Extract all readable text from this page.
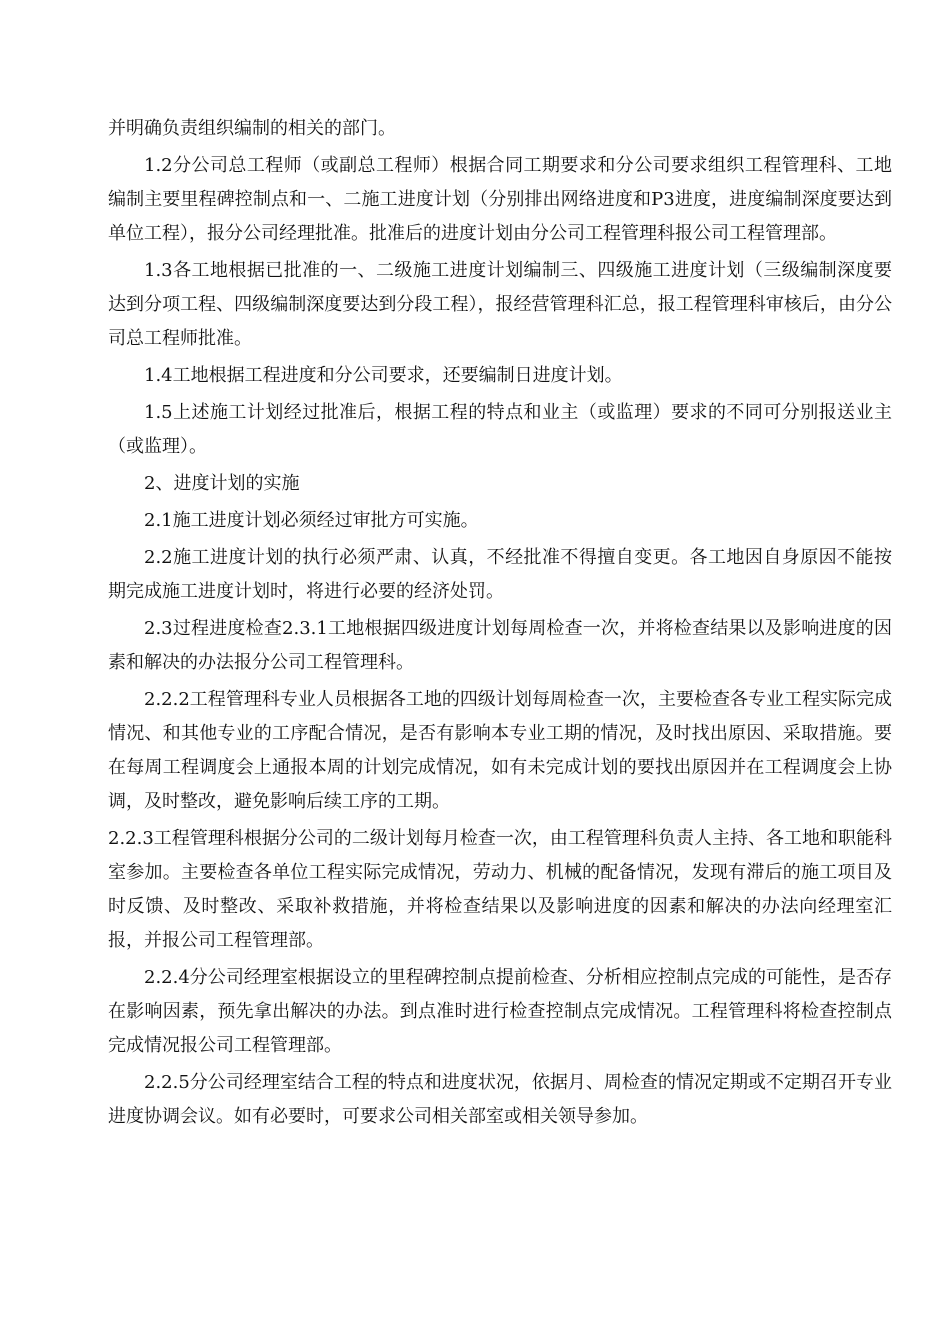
并明确负责组织编制的相关的部门。

1.2分公司总工程师（或副总工程师）根据合同工期要求和分公司要求组织工程管理科、工地编制主要里程碑控制点和一、二施工进度计划（分别排出网络进度和P3进度，进度编制深度要达到单位工程），报分公司经理批准。批准后的进度计划由分公司工程管理科报公司工程管理部。

1.3各工地根据已批准的一、二级施工进度计划编制三、四级施工进度计划（三级编制深度要达到分项工程、四级编制深度要达到分段工程），报经营管理科汇总，报工程管理科审核后，由分公司总工程师批准。

1.4工地根据工程进度和分公司要求，还要编制日进度计划。

1.5上述施工计划经过批准后，根据工程的特点和业主（或监理）要求的不同可分别报送业主（或监理）。

2、进度计划的实施

2.1施工进度计划必须经过审批方可实施。

2.2施工进度计划的执行必须严肃、认真，不经批准不得擅自变更。各工地因自身原因不能按期完成施工进度计划时，将进行必要的经济处罚。

2.3过程进度检查2.3.1工地根据四级进度计划每周检查一次，并将检查结果以及影响进度的因素和解决的办法报分公司工程管理科。

2.2.2工程管理科专业人员根据各工地的四级计划每周检查一次，主要检查各专业工程实际完成情况、和其他专业的工序配合情况，是否有影响本专业工期的情况，及时找出原因、采取措施。要在每周工程调度会上通报本周的计划完成情况，如有未完成计划的要找出原因并在工程调度会上协调，及时整改，避免影响后续工序的工期。

2.2.3工程管理科根据分公司的二级计划每月检查一次，由工程管理科负责人主持、各工地和职能科室参加。主要检查各单位工程实际完成情况，劳动力、机械的配备情况，发现有滞后的施工项目及时反馈、及时整改、采取补救措施，并将检查结果以及影响进度的因素和解决的办法向经理室汇报，并报公司工程管理部。

2.2.4分公司经理室根据设立的里程碑控制点提前检查、分析相应控制点完成的可能性，是否存在影响因素，预先拿出解决的办法。到点准时进行检查控制点完成情况。工程管理科将检查控制点完成情况报公司工程管理部。

2.2.5分公司经理室结合工程的特点和进度状况，依据月、周检查的情况定期或不定期召开专业进度协调会议。如有必要时，可要求公司相关部室或相关领导参加。
